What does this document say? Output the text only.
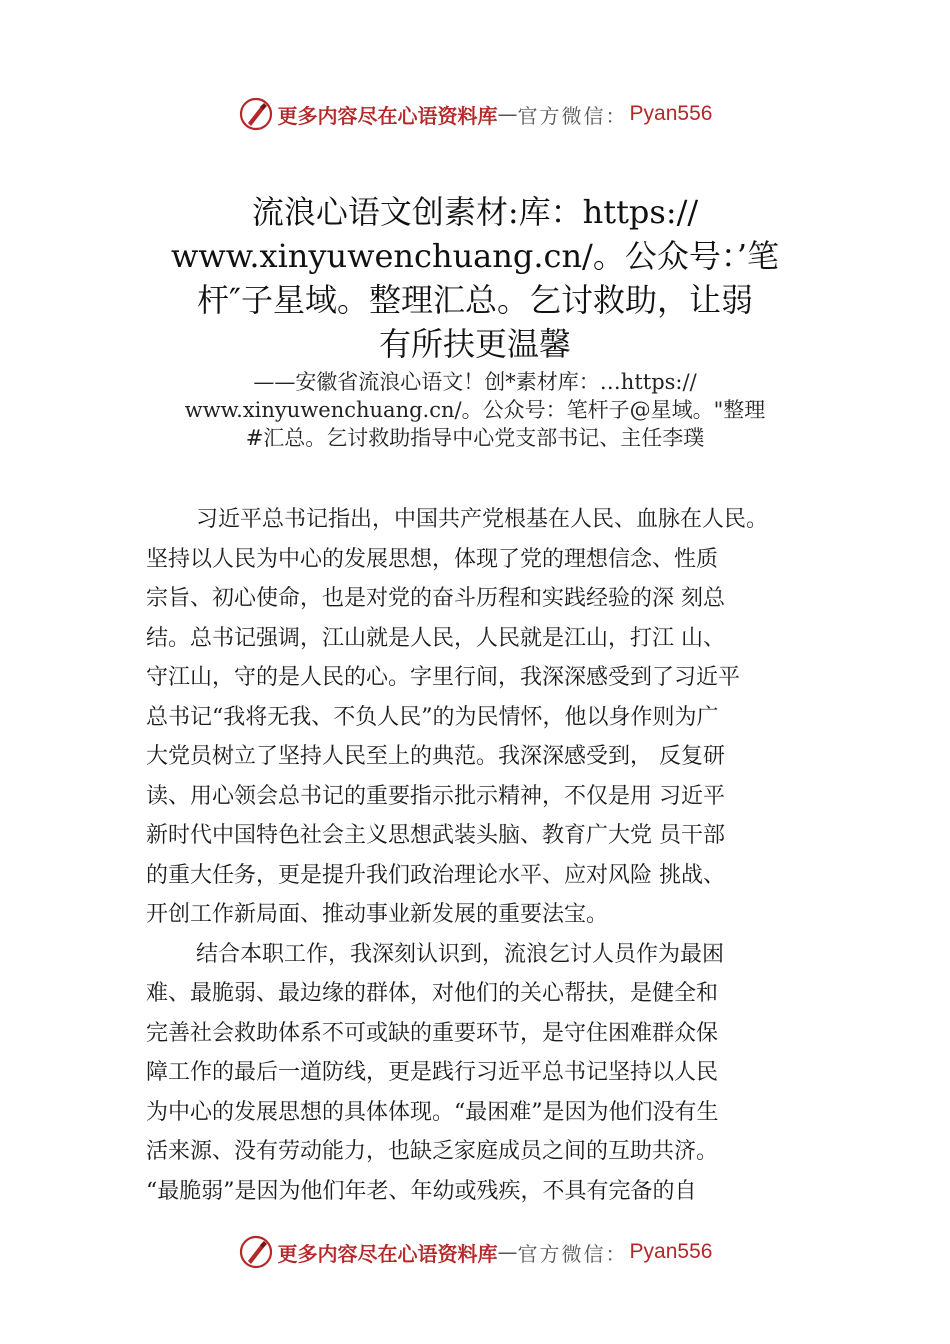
更多内容尽在心语资料库 — 官方微信： Pyan556
流浪心语文创素材:库：https://
www.xinyuwenchuang.cn/。公众号：’笔
杆″子星域。整理汇总。乞讨救助，让弱
有所扶更温馨
——安徽省流浪心语文！创*素材库：…https://
www.xinyuwenchuang.cn/。公众号：笔杆子@星域。"整理
#汇总。乞讨救助指导中心党支部书记、主任李璞
习近平总书记指出，中国共产党根基在人民、血脉在人民。
坚持以人民为中心的发展思想，体现了党的理想信念、性质
宗旨、初心使命，也是对党的奋斗历程和实践经验的深 刻总
结。总书记强调，江山就是人民，人民就是江山，打江 山、
守江山，守的是人民的心。字里行间，我深深感受到了习近平
总书记“我将无我、不负人民”的为民情怀，他以身作则为广
大党员树立了坚持人民至上的典范。我深深感受到， 反复研
读、用心领会总书记的重要指示批示精神，不仅是用 习近平
新时代中国特色社会主义思想武装头脑、教育广大党 员干部
的重大任务，更是提升我们政治理论水平、应对风险 挑战、
开创工作新局面、推动事业新发展的重要法宝。
结合本职工作，我深刻认识到，流浪乞讨人员作为最困
难、最脆弱、最边缘的群体，对他们的关心帮扶，是健全和
完善社会救助体系不可或缺的重要环节，是守住困难群众保
障工作的最后一道防线，更是践行习近平总书记坚持以人民
为中心的发展思想的具体体现。“最困难”是因为他们没有生
活来源、没有劳动能力，也缺乏家庭成员之间的互助共济。
“最脆弱”是因为他们年老、年幼或残疾，不具有完备的自
更多内容尽在心语资料库 — 官方微信： Pyan556
